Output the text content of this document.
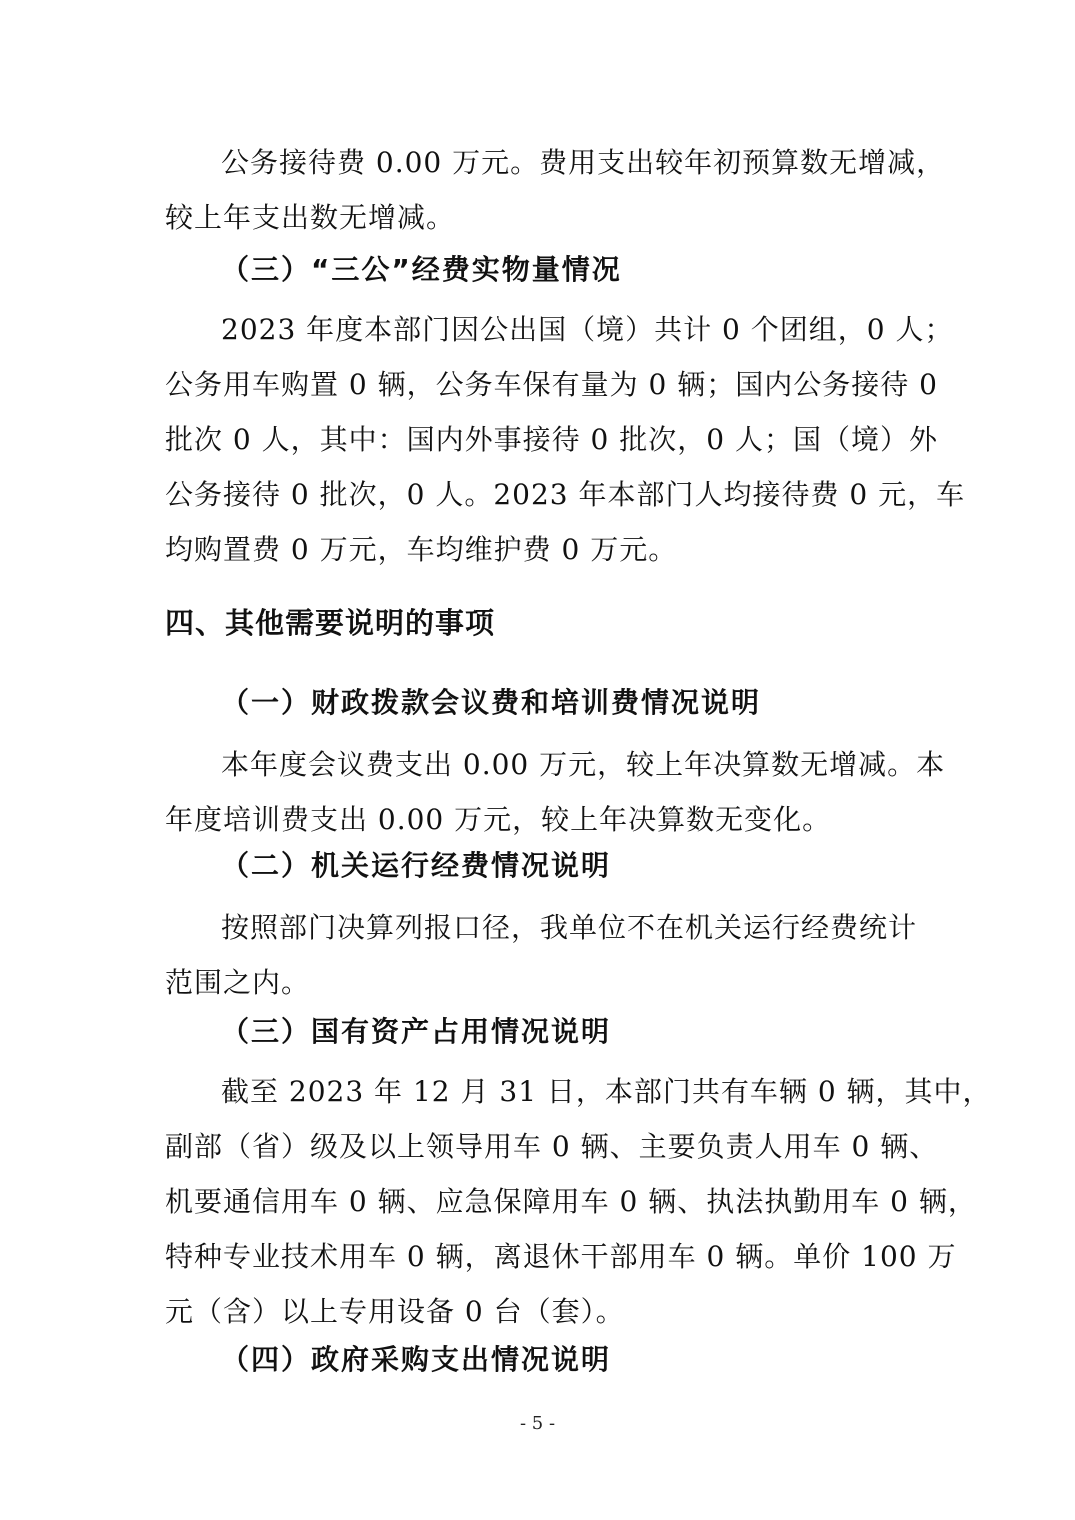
公务接待费 0.00 万元。费用支出较年初预算数无增减，
较上年支出数无增减。
（三）“三公”经费实物量情况
2023 年度本部门因公出国（境）共计 0 个团组，0 人；
公务用车购置 0 辆，公务车保有量为 0 辆；国内公务接待 0
批次 0 人，其中：国内外事接待 0 批次，0 人；国（境）外
公务接待 0 批次，0 人。2023 年本部门人均接待费 0 元，车
均购置费 0 万元，车均维护费 0 万元。
四、其他需要说明的事项
（一）财政拨款会议费和培训费情况说明
本年度会议费支出 0.00 万元，较上年决算数无增减。本
年度培训费支出 0.00 万元，较上年决算数无变化。
（二）机关运行经费情况说明
按照部门决算列报口径，我单位不在机关运行经费统计
范围之内。
（三）国有资产占用情况说明
截至 2023 年 12 月 31 日，本部门共有车辆 0 辆，其中，
副部（省）级及以上领导用车 0 辆、主要负责人用车 0 辆、
机要通信用车 0 辆、应急保障用车 0 辆、执法执勤用车 0 辆，
特种专业技术用车 0 辆，离退休干部用车 0 辆。单价 100 万
元（含）以上专用设备 0 台（套）。
（四）政府采购支出情况说明
- 5 -
